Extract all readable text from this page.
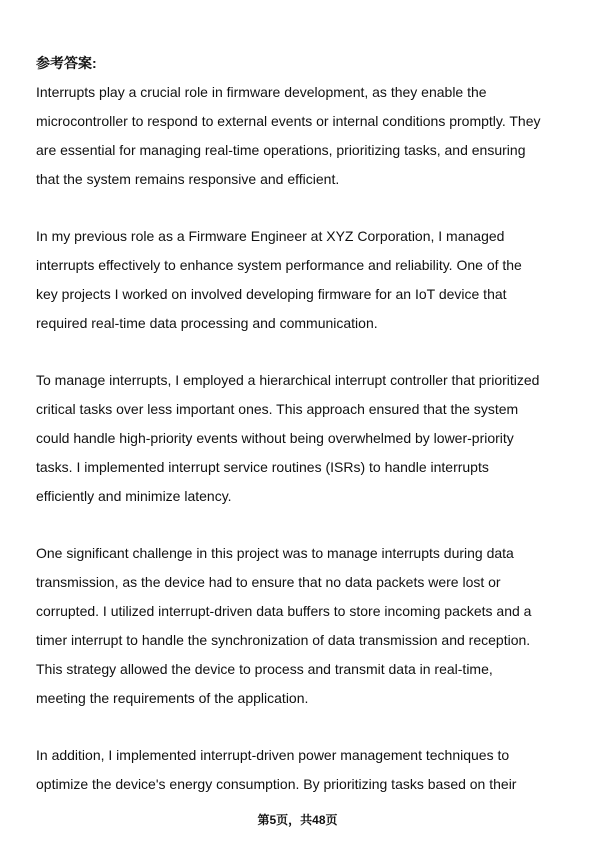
参考答案:
Interrupts play a crucial role in firmware development, as they enable the
microcontroller to respond to external events or internal conditions promptly. They
are essential for managing real-time operations, prioritizing tasks, and ensuring
that the system remains responsive and efficient.
In my previous role as a Firmware Engineer at XYZ Corporation, I managed
interrupts effectively to enhance system performance and reliability. One of the
key projects I worked on involved developing firmware for an IoT device that
required real-time data processing and communication.
To manage interrupts, I employed a hierarchical interrupt controller that prioritized
critical tasks over less important ones. This approach ensured that the system
could handle high-priority events without being overwhelmed by lower-priority
tasks. I implemented interrupt service routines (ISRs) to handle interrupts
efficiently and minimize latency.
One significant challenge in this project was to manage interrupts during data
transmission, as the device had to ensure that no data packets were lost or
corrupted. I utilized interrupt-driven data buffers to store incoming packets and a
timer interrupt to handle the synchronization of data transmission and reception.
This strategy allowed the device to process and transmit data in real-time,
meeting the requirements of the application.
In addition, I implemented interrupt-driven power management techniques to
optimize the device's energy consumption. By prioritizing tasks based on their
第5页，共48页
